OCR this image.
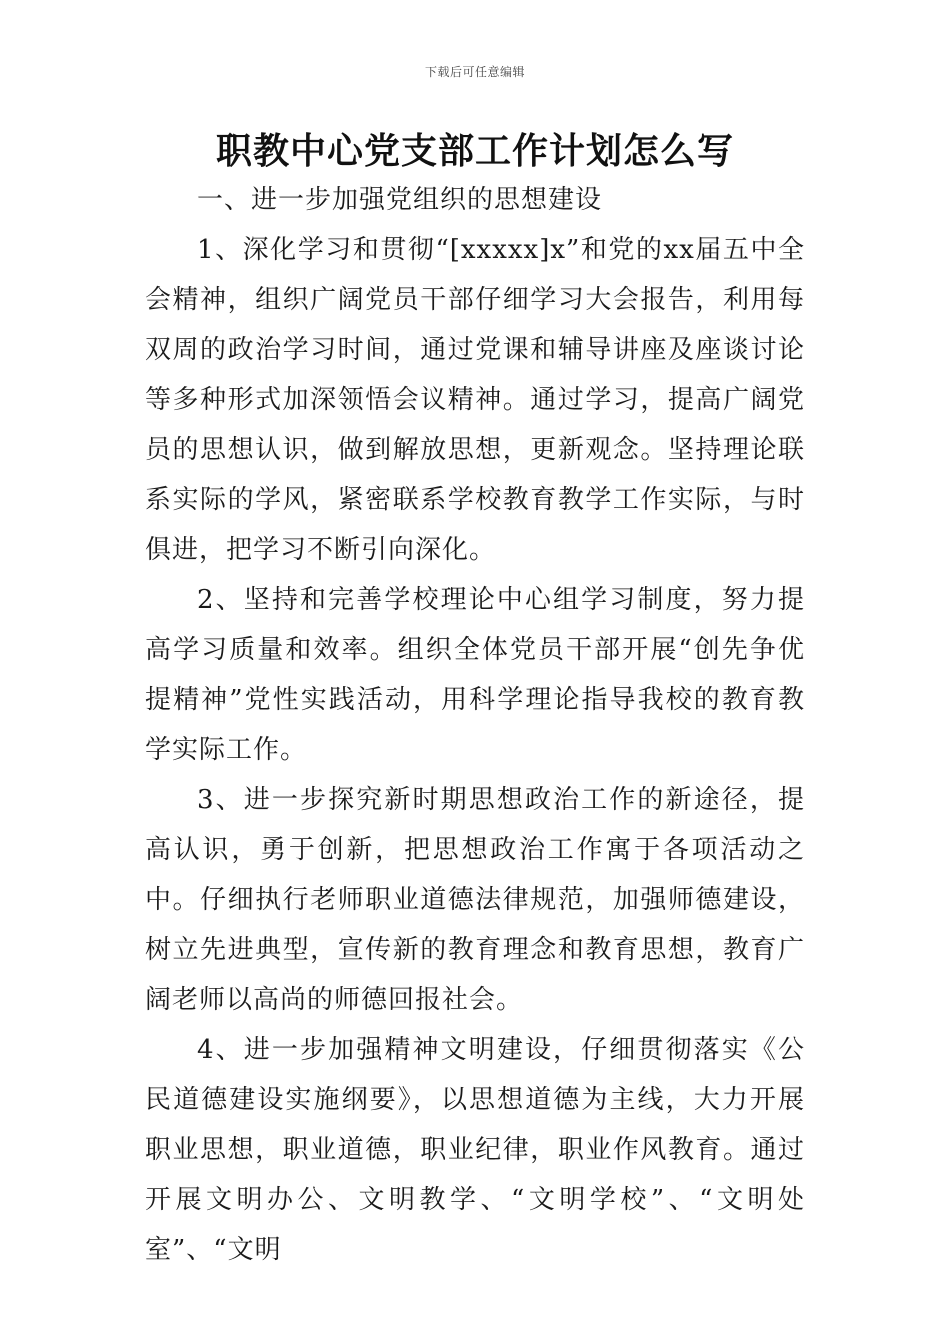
下载后可任意编辑
职教中心党支部工作计划怎么写

一、进一步加强党组织的思想建设

1、深化学习和贯彻“[xxxxx]x”和党的xx届五中全会精神，组织广阔党员干部仔细学习大会报告，利用每双周的政治学习时间，通过党课和辅导讲座及座谈讨论等多种形式加深领悟会议精神。通过学习，提高广阔党员的思想认识，做到解放思想，更新观念。坚持理论联系实际的学风，紧密联系学校教育教学工作实际，与时俱进，把学习不断引向深化。

2、坚持和完善学校理论中心组学习制度，努力提高学习质量和效率。组织全体党员干部开展“创先争优提精神”党性实践活动，用科学理论指导我校的教育教学实际工作。

3、进一步探究新时期思想政治工作的新途径，提高认识，勇于创新，把思想政治工作寓于各项活动之中。仔细执行老师职业道德法律规范，加强师德建设，树立先进典型，宣传新的教育理念和教育思想，教育广阔老师以高尚的师德回报社会。

4、进一步加强精神文明建设，仔细贯彻落实《公民道德建设实施纲要》，以思想道德为主线，大力开展职业思想，职业道德，职业纪律，职业作风教育。通过开展文明办公、文明教学、“文明学校”、“文明处室”、“文明
